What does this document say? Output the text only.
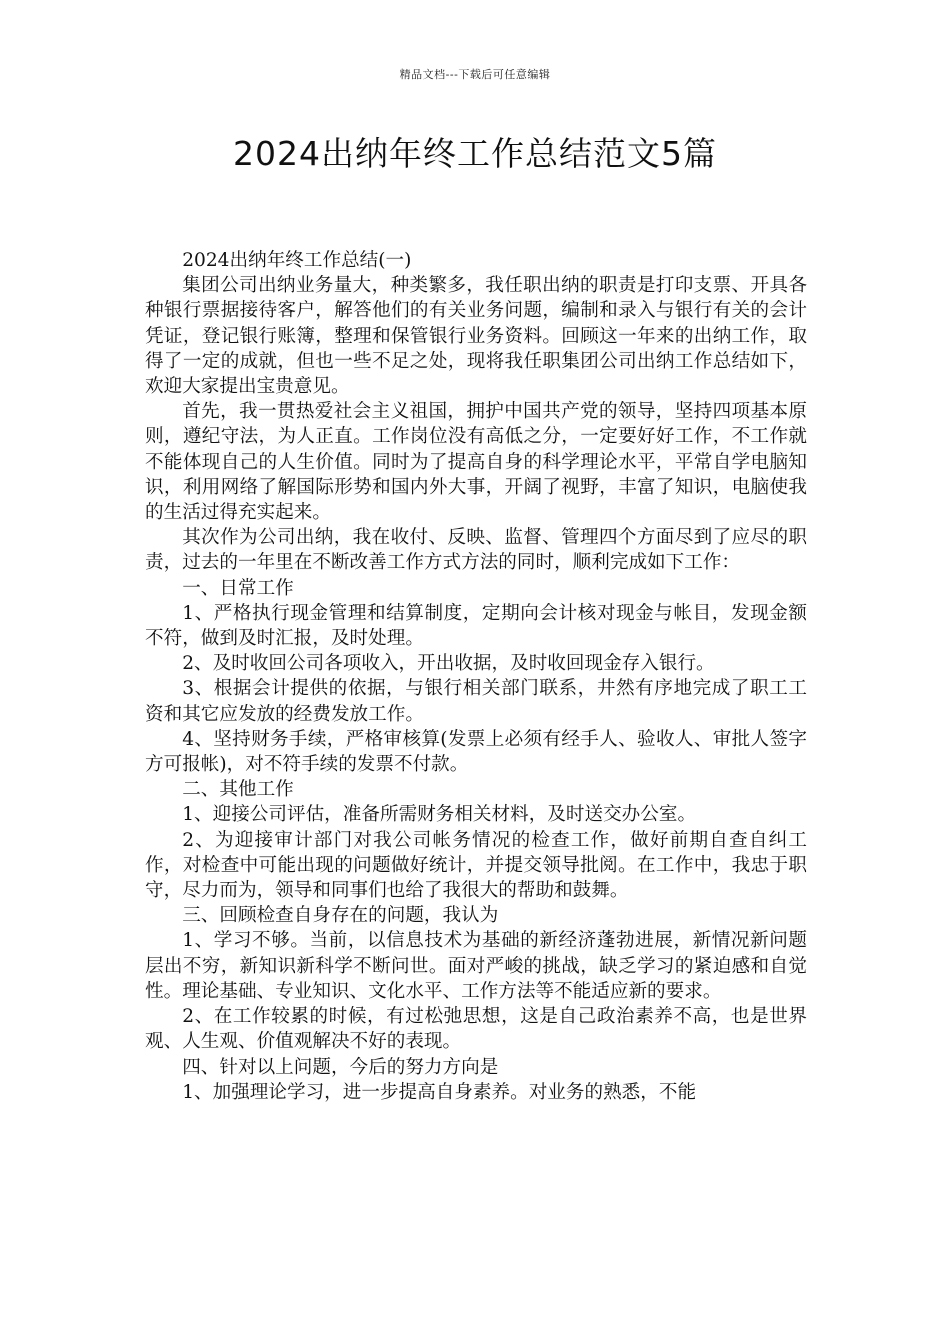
精品文档---下载后可任意编辑
2024出纳年终工作总结范文5篇

2024出纳年终工作总结(一)

集团公司出纳业务量大，种类繁多，我任职出纳的职责是打印支票、开具各种银行票据接待客户，解答他们的有关业务问题，编制和录入与银行有关的会计凭证，登记银行账簿，整理和保管银行业务资料。回顾这一年来的出纳工作，取得了一定的成就，但也一些不足之处，现将我任职集团公司出纳工作总结如下，欢迎大家提出宝贵意见。

首先，我一贯热爱社会主义祖国，拥护中国共产党的领导，坚持四项基本原则，遵纪守法，为人正直。工作岗位没有高低之分，一定要好好工作，不工作就不能体现自己的人生价值。同时为了提高自身的科学理论水平，平常自学电脑知识，利用网络了解国际形势和国内外大事，开阔了视野，丰富了知识，电脑使我的生活过得充实起来。

其次作为公司出纳，我在收付、反映、监督、管理四个方面尽到了应尽的职责，过去的一年里在不断改善工作方式方法的同时，顺利完成如下工作：

一、日常工作

1、严格执行现金管理和结算制度，定期向会计核对现金与帐目，发现金额不符，做到及时汇报，及时处理。

2、及时收回公司各项收入，开出收据，及时收回现金存入银行。

3、根据会计提供的依据，与银行相关部门联系，井然有序地完成了职工工资和其它应发放的经费发放工作。

4、坚持财务手续，严格审核算(发票上必须有经手人、验收人、审批人签字方可报帐)，对不符手续的发票不付款。

二、其他工作

1、迎接公司评估，准备所需财务相关材料，及时送交办公室。

2、为迎接审计部门对我公司帐务情况的检查工作，做好前期自查自纠工作，对检查中可能出现的问题做好统计，并提交领导批阅。在工作中，我忠于职守，尽力而为，领导和同事们也给了我很大的帮助和鼓舞。

三、回顾检查自身存在的问题，我认为

1、学习不够。当前，以信息技术为基础的新经济蓬勃进展，新情况新问题层出不穷，新知识新科学不断问世。面对严峻的挑战，缺乏学习的紧迫感和自觉性。理论基础、专业知识、文化水平、工作方法等不能适应新的要求。

2、在工作较累的时候，有过松弛思想，这是自己政治素养不高，也是世界观、人生观、价值观解决不好的表现。

四、针对以上问题，今后的努力方向是

1、加强理论学习，进一步提高自身素养。对业务的熟悉，不能
